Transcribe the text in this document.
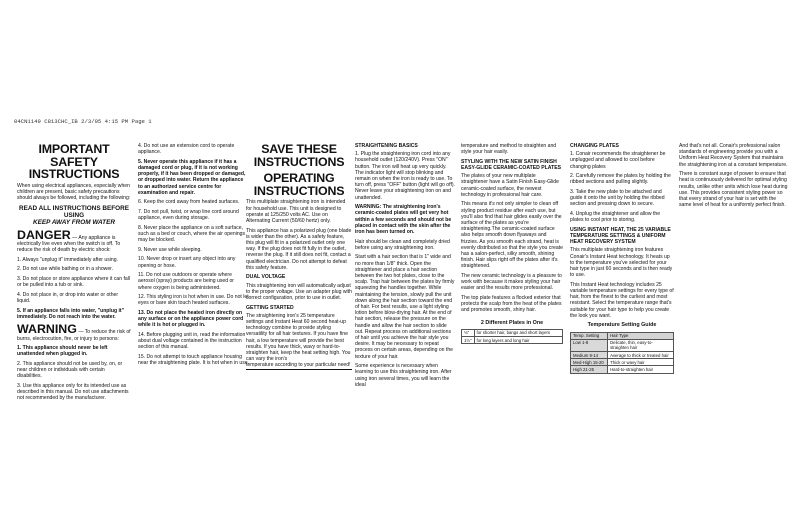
04CN1149 C813CHC_IB 2/3/05 4:15 PM Page 1
IMPORTANT SAFETY INSTRUCTIONS

When using electrical appliances, especially when children are present, basic safety precautions should always be followed, including the following:

READ ALL INSTRUCTIONS BEFORE USING
KEEP AWAY FROM WATER

DANGER — Any appliance is electrically live even when the switch is off. To reduce the risk of death by electric shock:

1. Always "unplug it" immediately after using.

2. Do not use while bathing or in a shower.

3. Do not place or store appliance where it can fall or be pulled into a tub or sink.

4. Do not place in, or drop into water or other liquid.

5. If an appliance falls into water, "unplug it" immediately. Do not reach into the water.

WARNING — To reduce the risk of burns, electrocution, fire, or injury to persons:

1. This appliance should never be left unattended when plugged in.

2. This appliance should not be used by, on, or near children or individuals with certain disabilities.

3. Use this appliance only for its intended use as described in this manual. Do not use attachments not recommended by the manufacturer.

4. Do not use an extension cord to operate appliance.

5. Never operate this appliance if it has a damaged cord or plug, if it is not working properly, if it has been dropped or damaged, or dropped into water. Return the appliance to an authorized service centre for examination and repair.

6. Keep the cord away from heated surfaces.

7. Do not pull, twist, or wrap line cord around appliance, even during storage.

8. Never place the appliance on a soft surface, such as a bed or couch, where the air openings may be blocked.

9. Never use while sleeping.

10. Never drop or insert any object into any opening or hose.

11. Do not use outdoors or operate where aerosol (spray) products are being used or where oxygen is being administered.

12. This styling iron is hot when in use. Do not let eyes or bare skin touch heated surfaces.

13. Do not place the heated iron directly on any surface or on the appliance power cord while it is hot or plugged in.

14. Before plugging unit in, read the information about dual voltage contained in the instruction section of this manual.

15. Do not attempt to touch appliance housing near the straightening plate. It is hot when in use.

SAVE THESE INSTRUCTIONS
OPERATING INSTRUCTIONS

This multiplate straightening iron is intended for household use. This unit is designed to operate at 125/250 volts AC. Use on Alternating Current (50/60 hertz) only.

This appliance has a polarized plug (one blade is wider than the other). As a safety feature, this plug will fit in a polarized outlet only one way. If the plug does not fit fully in the outlet, reverse the plug. If it still does not fit, contact a qualified electrician. Do not attempt to defeat this safety feature.

DUAL VOLTAGE

This straightening iron will automatically adjust to the proper voltage. Use an adapter plug with correct configuration, prior to use in outlet.

GETTING STARTED

The straightening iron's 25 temperature settings and Instant Heat 60 second heat-up technology combine to provide styling versatility for all hair textures. If you have fine hair, a low temperature will provide the best results. If you have thick, wavy or hard-to-straighten hair, keep the heat setting high. You can vary the iron's temperature according to your particular need!

STRAIGHTENING BASICS

1. Plug the straightening iron cord into any household outlet (120/240V). Press "ON" button. The iron will heat up very quickly. The indicator light will stop blinking and remain on when the iron is ready to use. To turn off, press "OFF" button (light will go off). Never leave your straightening iron on and unattended.

WARNING: The straightening iron's ceramic-coated plates will get very hot within a few seconds and should not be placed in contact with the skin after the iron has been turned on.

Hair should be clean and completely dried before using any straightening iron.

Start with a hair section that is 1" wide and no more than 1/8" thick. Open the straightener and place a hair section between the two hot plates, close to the scalp. Trap hair between the plates by firmly squeezing the handles together. While maintaining the tension, slowly pull the unit down along the hair section toward the end of hair. For best results, use a light styling lotion before blow-drying hair. At the end of hair section, release the pressure on the handle and allow the hair section to slide out. Repeat process on additional sections of hair until you achieve the hair style you desire. It may be necessary to repeat process on certain areas, depending on the texture of your hair.

Some experience is necessary when learning to use this straightening iron. After using iron several times, you will learn the ideal

temperature and method to straighten and style your hair easily.

STYLING WITH THE NEW SATIN FINISH EASY-GLIDE CERAMIC-COATED PLATES

The plates of your new multiplate straightener have a Satin Finish Easy-Glide ceramic-coated surface, the newest technology in professional hair care.

This means it's not only simpler to clean off styling product residue after each use, but you'll also find that hair glides easily over the surface of the plates as you're straightening.The ceramic-coated surface also helps smooth down flyaways and frizzies. As you smooth each strand, heat is evenly distributed so that the style you create has a salon-perfect, silky smooth, shining finish. Hair slips right off the plates after it's straightened.

The new ceramic technology is a pleasure to work with because it makes styling your hair easier and the results more professional.

The top plate features a flocked exterior that protects the scalp from the heat of the plates and promotes smooth, shiny hair.

2 Different Plates in One
⅛"	for shorter hair, bangs and short layers
1½"	for long layers and long hair
CHANGING PLATES

1. Conair recommends the straightener be unplugged and allowed to cool before changing plates

2. Carefully remove the plates by holding the ribbed sections and pulling slightly.

3. Take the new plate to be attached and guide it onto the unit by holding the ribbed section and pressing down to secure.

4. Unplug the straightener and allow the plates to cool prior to storing.

USING INSTANT HEAT, THE 25 VARIABLE TEMPERATURE SETTINGS & UNIFORM HEAT RECOVERY SYSTEM

This multiplate straightening iron features Conair's Instant Heat technology. It heats up to the temperature you've selected for your hair type in just 60 seconds and is then ready to use.

This Instant Heat technology includes 25 variable temperature settings for every type of hair, from the finest to the curliest and most resistant. Select the temperature range that's suitable for your hair type to help you create the look you want.

Temperature Setting Guide
Temp. Setting	Hair Type
Low 1-8	Delicate, thin, easy-to-straighten hair
Medium 9-14	Average to thick or treated hair
Med-High 15-20	Thick or wavy hair
High 21-25	Hard-to-straighten hair

And that's not all. Conair's professional salon standards of engineering provide you with a Uniform Heat Recovery System that maintains the straightening iron at a constant temperature.

There is constant surge of power to ensure that heat is continuously delivered for optimal styling results, unlike other units which lose heat during use. This provides consistent styling power so that every strand of your hair is set with the same level of heat for a uniformly perfect finish.
